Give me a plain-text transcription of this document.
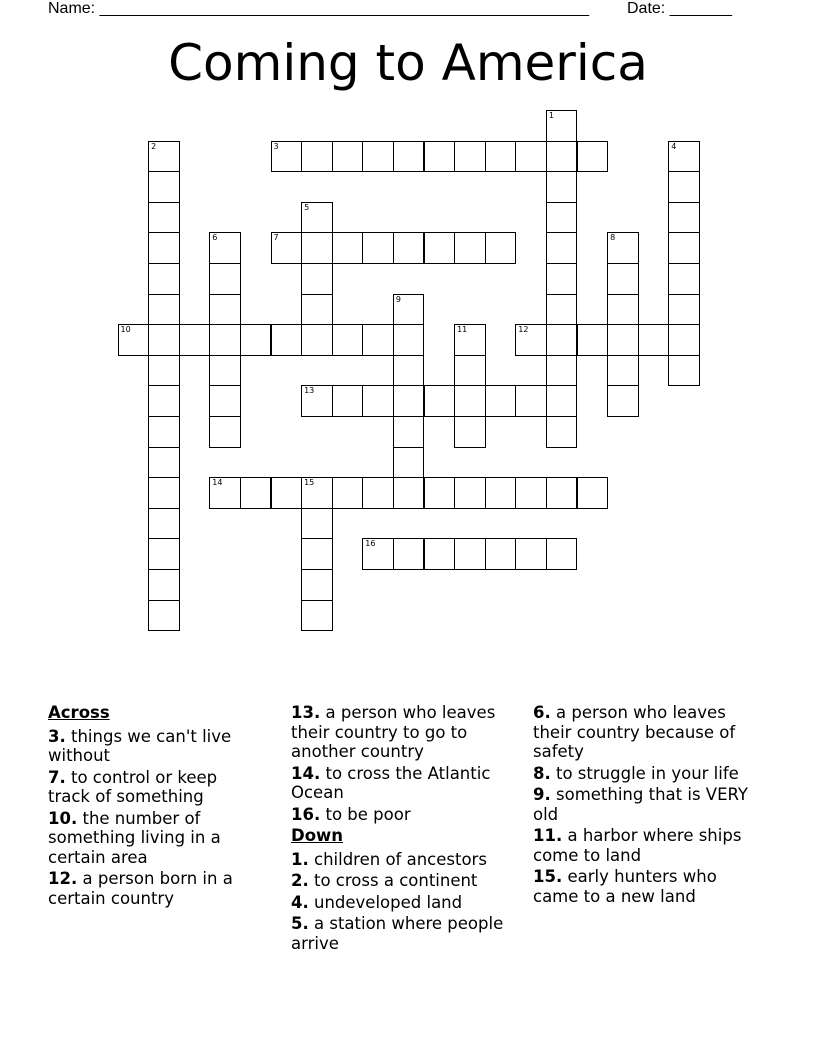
Name: _______________________________________________________ Date: _______
Coming to America
1
2	3	4
5
6	7	8
9
10	11	12
13
14	15
16
Across
3. things we can't live without
7. to control or keep track of something
10. the number of something living in a certain area
12. a person born in a certain country
13. a person who leaves their country to go to another country
14. to cross the Atlantic Ocean
16. to be poor
Down
1. children of ancestors
2. to cross a continent
4. undeveloped land
5. a station where people arrive
6. a person who leaves their country because of safety
8. to struggle in your life
9. something that is VERY old
11. a harbor where ships come to land
15. early hunters who came to a new land
